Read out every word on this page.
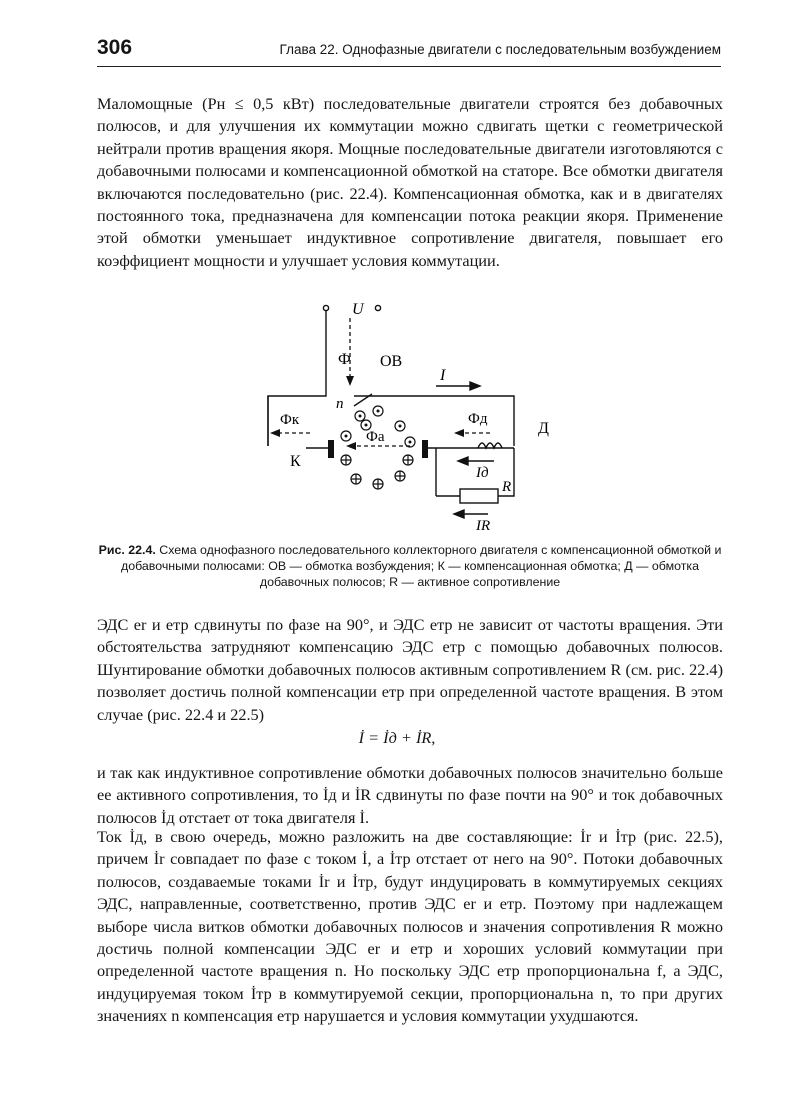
306	Глава 22. Однофазные двигатели с последовательным возбуждением
Маломощные (Pн ≤ 0,5 кВт) последовательные двигатели строятся без добавочных полюсов, и для улучшения их коммутации можно сдвигать щетки с геометрической нейтрали против вращения якоря. Мощные последовательные двигатели изготовляются с добавочными полюсами и компенсационной обмоткой на статоре. Все обмотки двигателя включаются последовательно (рис. 22.4). Компенсационная обмотка, как и в двигателях постоянного тока, предназначена для компенсации потока реакции якоря. Применение этой обмотки уменьшает индуктивное сопротивление двигателя, повышает его коэффициент мощности и улучшает условия коммутации.
U
Ф ОВ
I
n
Фк
Фa
Фд
Д
К
Iд
R
IR
Рис. 22.4. Схема однофазного последовательного коллекторного двигателя с компенсационной обмоткой и добавочными полюсами: ОВ — обмотка возбуждения; К — компенсационная обмотка; Д — обмотка добавочных полюсов; R — активное сопротивление
ЭДС er и eтр сдвинуты по фазе на 90°, и ЭДС eтр не зависит от частоты вращения. Эти обстоятельства затрудняют компенсацию ЭДС eтр с помощью добавочных полюсов. Шунтирование обмотки добавочных полюсов активным сопротивлением R (см. рис. 22.4) позволяет достичь полной компенсации eтр при определенной частоте вращения. В этом случае (рис. 22.4 и 22.5)
İ = İд + İR,
и так как индуктивное сопротивление обмотки добавочных полюсов значительно больше ее активного сопротивления, то İд и İR сдвинуты по фазе почти на 90° и ток добавочных полюсов İд отстает от тока двигателя İ.
Ток İд, в свою очередь, можно разложить на две составляющие: İr и İтр (рис. 22.5), причем İr совпадает по фазе с током İ, а İтр отстает от него на 90°. Потоки добавочных полюсов, создаваемые токами İr и İтр, будут индуцировать в коммутируемых секциях ЭДС, направленные, соответственно, против ЭДС er и eтр. Поэтому при надлежащем выборе числа витков обмотки добавочных полюсов и значения сопротивления R можно достичь полной компенсации ЭДС er и eтр и хороших условий коммутации при определенной частоте вращения n. Но поскольку ЭДС eтр пропорциональна f, а ЭДС, индуцируемая током İтр в коммутируемой секции, пропорциональна n, то при других значениях n компенсация eтр нарушается и условия коммутации ухудшаются.
